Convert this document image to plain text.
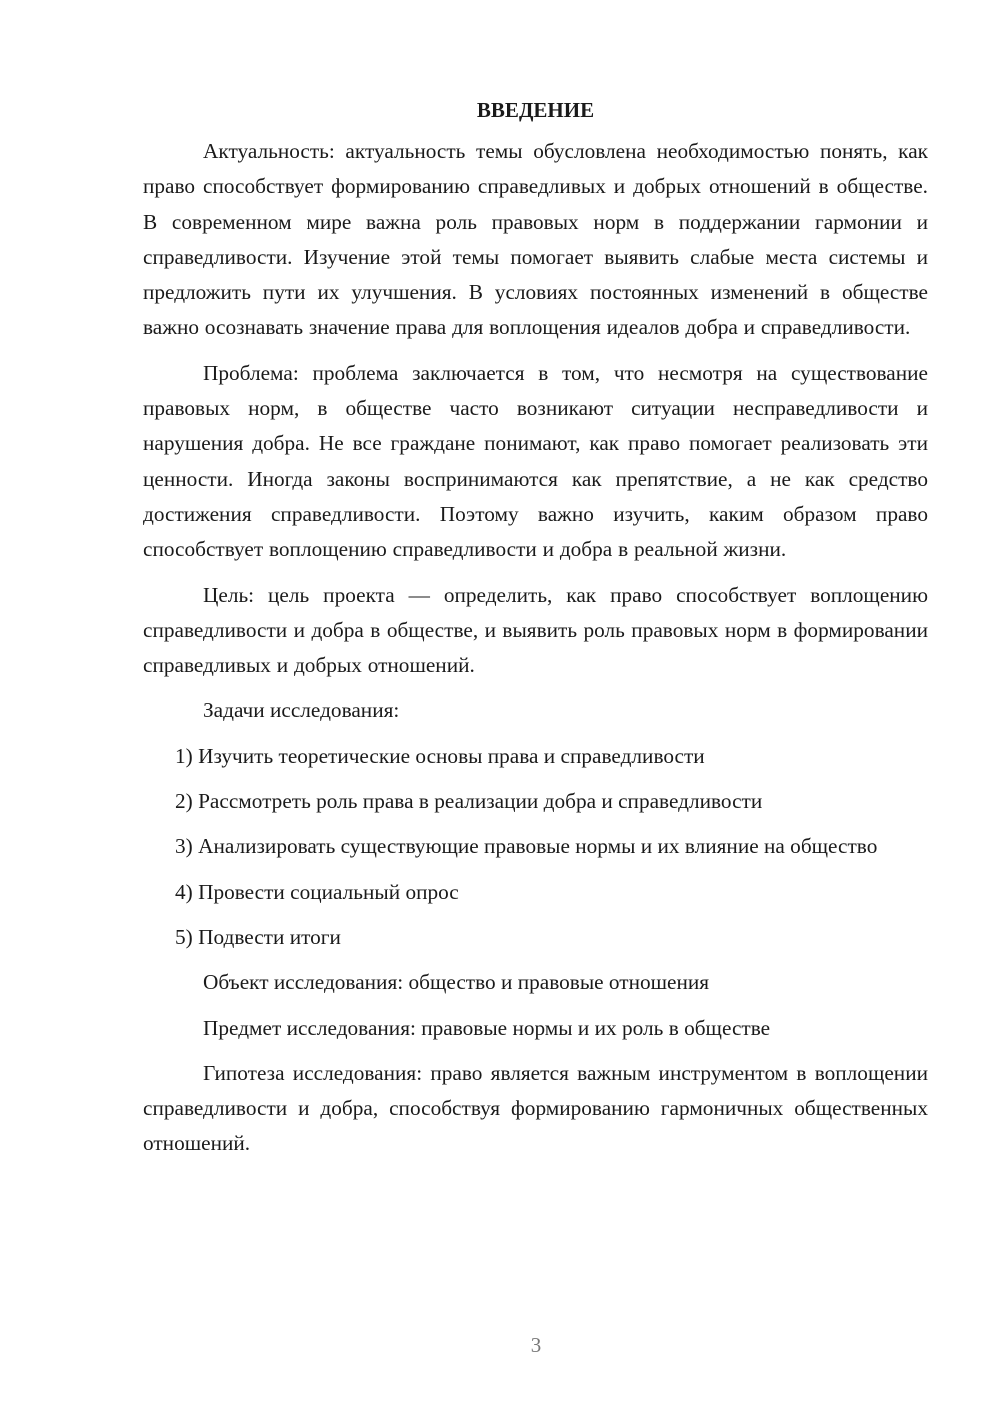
ВВЕДЕНИЕ

Актуальность: актуальность темы обусловлена необходимостью понять, как право способствует формированию справедливых и добрых отношений в обществе. В современном мире важна роль правовых норм в поддержании гармонии и справедливости. Изучение этой темы помогает выявить слабые места системы и предложить пути их улучшения. В условиях постоянных изменений в обществе важно осознавать значение права для воплощения идеалов добра и справедливости.

Проблема: проблема заключается в том, что несмотря на существование правовых норм, в обществе часто возникают ситуации несправедливости и нарушения добра. Не все граждане понимают, как право помогает реализовать эти ценности. Иногда законы воспринимаются как препятствие, а не как средство достижения справедливости. Поэтому важно изучить, каким образом право способствует воплощению справедливости и добра в реальной жизни.

Цель: цель проекта — определить, как право способствует воплощению справедливости и добра в обществе, и выявить роль правовых норм в формировании справедливых и добрых отношений.

Задачи исследования:

1) Изучить теоретические основы права и справедливости

2) Рассмотреть роль права в реализации добра и справедливости

3) Анализировать существующие правовые нормы и их влияние на общество

4) Провести социальный опрос

5) Подвести итоги

Объект исследования: общество и правовые отношения

Предмет исследования: правовые нормы и их роль в обществе

Гипотеза исследования: право является важным инструментом в воплощении справедливости и добра, способствуя формированию гармоничных общественных отношений.

3
